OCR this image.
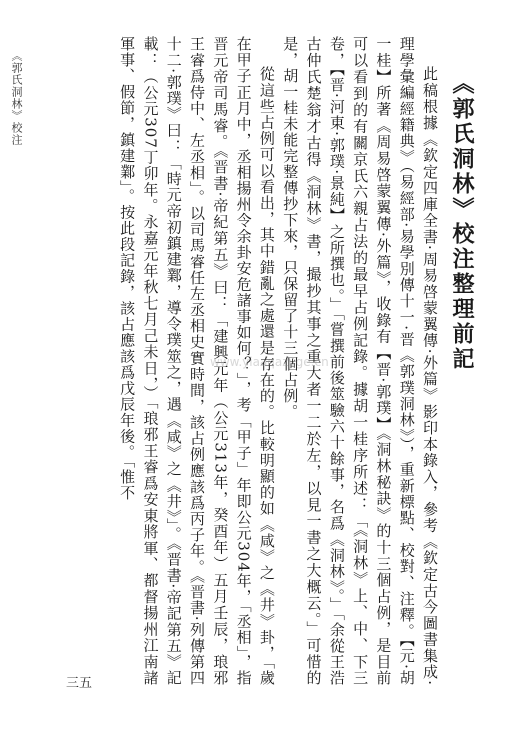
《郭氏洞林》校注	《郭氏洞林》校注整理前記

此稿根據《欽定四庫全書·周易啓蒙翼傳·外篇》影印本錄入，參考《欽定古今圖書集成·理學彙編經籍典》（易經部·易學別傳十一·晋《郭璞洞林》），重新標點、校對、注釋。【元·胡一桂】所著《周易啓蒙翼傳·外篇》，收錄有【晋·郭璞】《洞林秘訣》的十三個占例，是目前可以看到的有關京氏六親占法的最早占例記錄。據胡一桂序所述：「《洞林》上、中、下三卷，【晋·河東·郭璞·景純】之所撰也。」「嘗撰前後筮驗六十餘事，名爲《洞林》。」「余從王浩古仲氏楚翁才古得《洞林》書，撮抄其事之重大者一二於左，以見一書之大概云。」可惜的是，胡一桂未能完整傳抄下來，只保留了十三個占例。

從這些占例可以看出，其中錯亂之處還是存在的。比較明顯的如《咸》之《井》卦，「歲在甲子正月中，丞相揚州令余卦安危諸事如何？」，考「甲子」年即公元304年，「丞相」，指晋元帝司馬睿。《晋書·帝紀第五》曰：「建興元年（公元313年，癸酉年）五月壬辰，琅邪王睿爲侍中、左丞相」。以司馬睿任左丞相史實時間，該占例應該爲丙子年。《晋書·列傳第四十二·郭璞》曰：「時元帝初鎮建鄴，導令璞筮之，遇《咸》之《井》」。《晋書·帝記第五》記載：（公元307丁卯年。永嘉元年秋七月己未日，）「琅邪王睿爲安東將軍、都督揚州江南諸軍事、假節，鎮建鄴」。按此段記錄，該占應該爲戊辰年後。「惟不	www.yiaaqazyge.cn
三五
